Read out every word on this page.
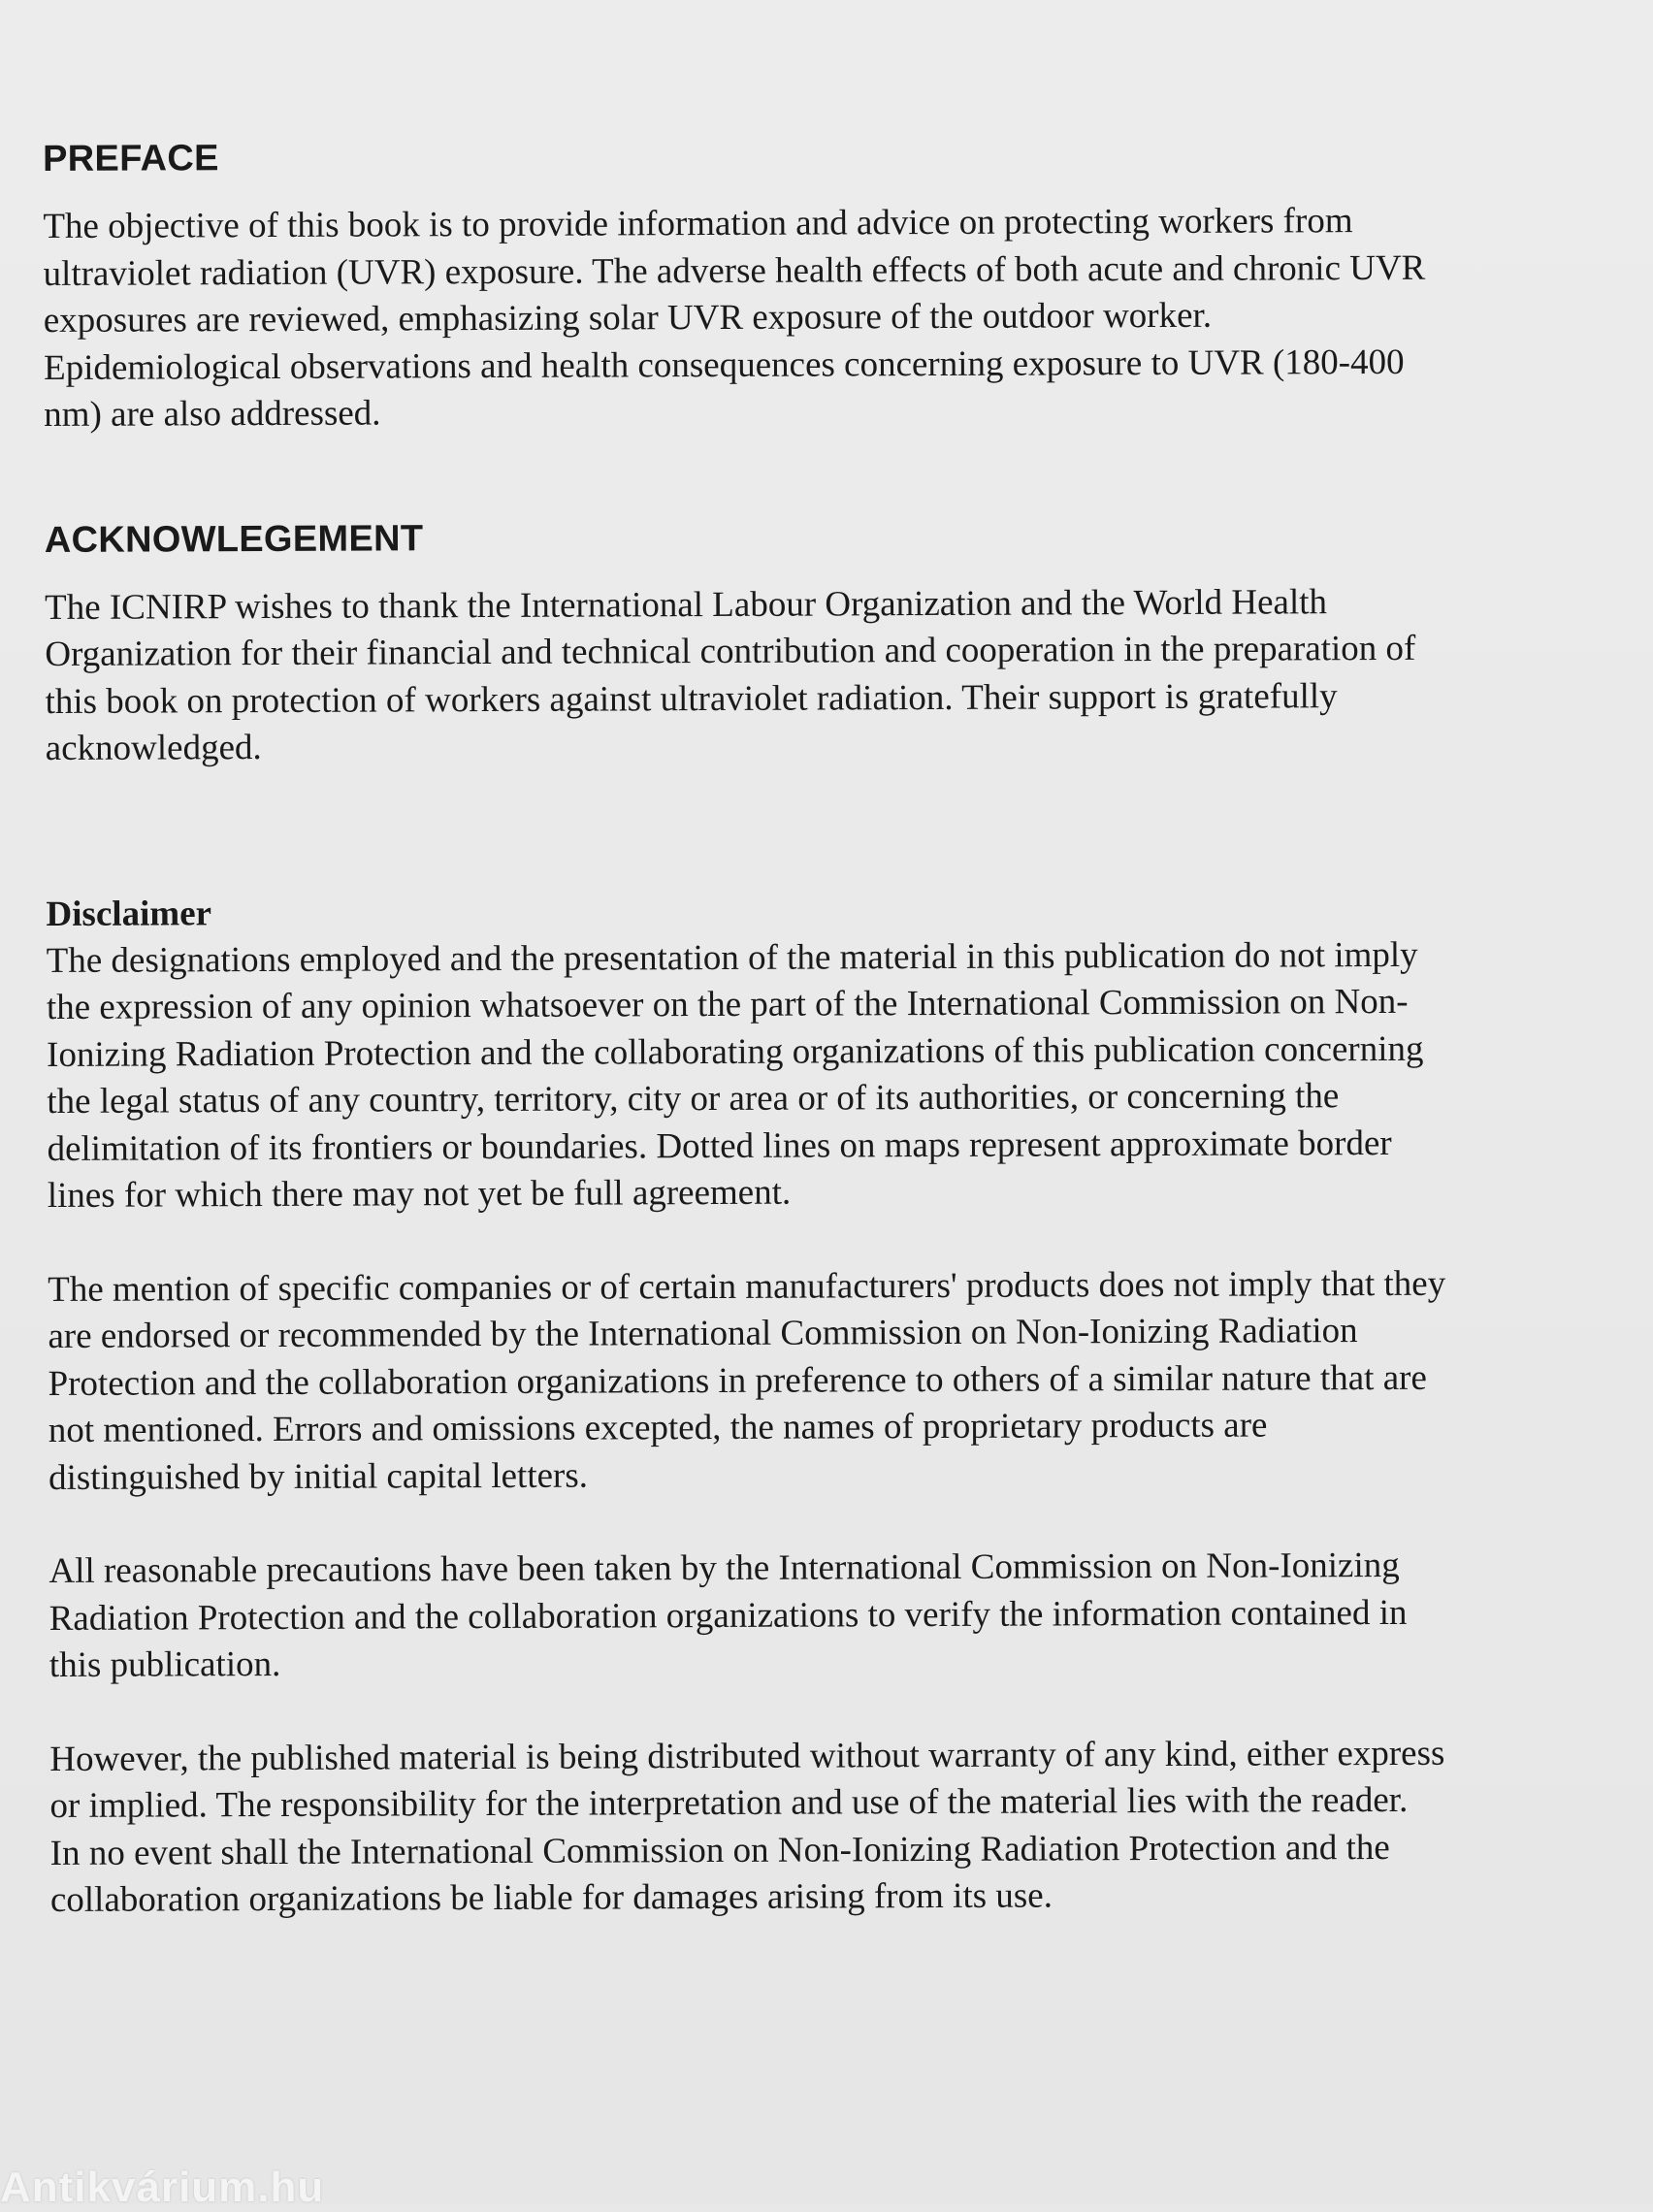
PREFACE

The objective of this book is to provide information and advice on protecting workers from
ultraviolet radiation (UVR) exposure. The adverse health effects of both acute and chronic UVR
exposures are reviewed, emphasizing solar UVR exposure of the outdoor worker.
Epidemiological observations and health consequences concerning exposure to UVR (180-400
nm) are also addressed.

ACKNOWLEGEMENT

The ICNIRP wishes to thank the International Labour Organization and the World Health
Organization for their financial and technical contribution and cooperation in the preparation of
this book on protection of workers against ultraviolet radiation. Their support is gratefully
acknowledged.

Disclaimer

The designations employed and the presentation of the material in this publication do not imply
the expression of any opinion whatsoever on the part of the International Commission on Non-
Ionizing Radiation Protection and the collaborating organizations of this publication concerning
the legal status of any country, territory, city or area or of its authorities, or concerning the
delimitation of its frontiers or boundaries. Dotted lines on maps represent approximate border
lines for which there may not yet be full agreement.

The mention of specific companies or of certain manufacturers' products does not imply that they
are endorsed or recommended by the International Commission on Non-Ionizing Radiation
Protection and the collaboration organizations in preference to others of a similar nature that are
not mentioned. Errors and omissions excepted, the names of proprietary products are
distinguished by initial capital letters.

All reasonable precautions have been taken by the International Commission on Non-Ionizing
Radiation Protection and the collaboration organizations to verify the information contained in
this publication.

However, the published material is being distributed without warranty of any kind, either express
or implied. The responsibility for the interpretation and use of the material lies with the reader.
In no event shall the International Commission on Non-Ionizing Radiation Protection and the
collaboration organizations be liable for damages arising from its use.

Antikvárium.hu
